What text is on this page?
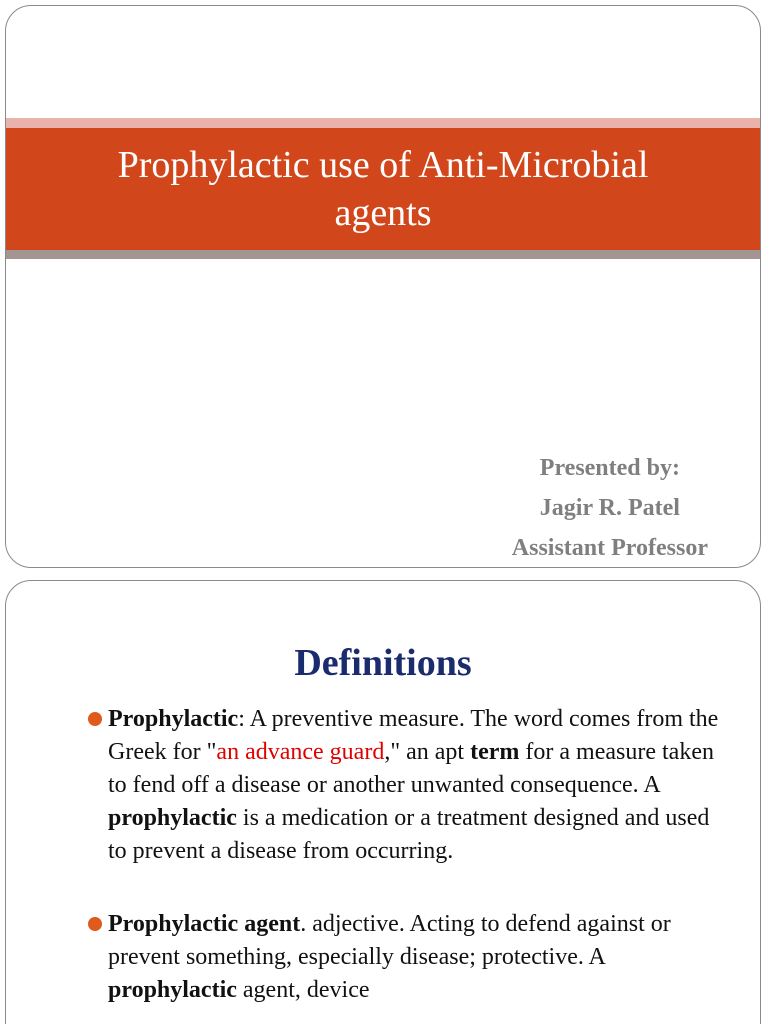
Prophylactic use of Anti-Microbial
agents
Presented by:
Jagir R. Patel
Assistant Professor
Definitions
Prophylactic: A preventive measure. The word comes from the Greek for "an advance guard," an apt term for a measure taken to fend off a disease or another unwanted consequence. A prophylactic is a medication or a treatment designed and used to prevent a disease from occurring.
Prophylactic agent. adjective. Acting to defend against or prevent something, especially disease; protective. A prophylactic agent, device
